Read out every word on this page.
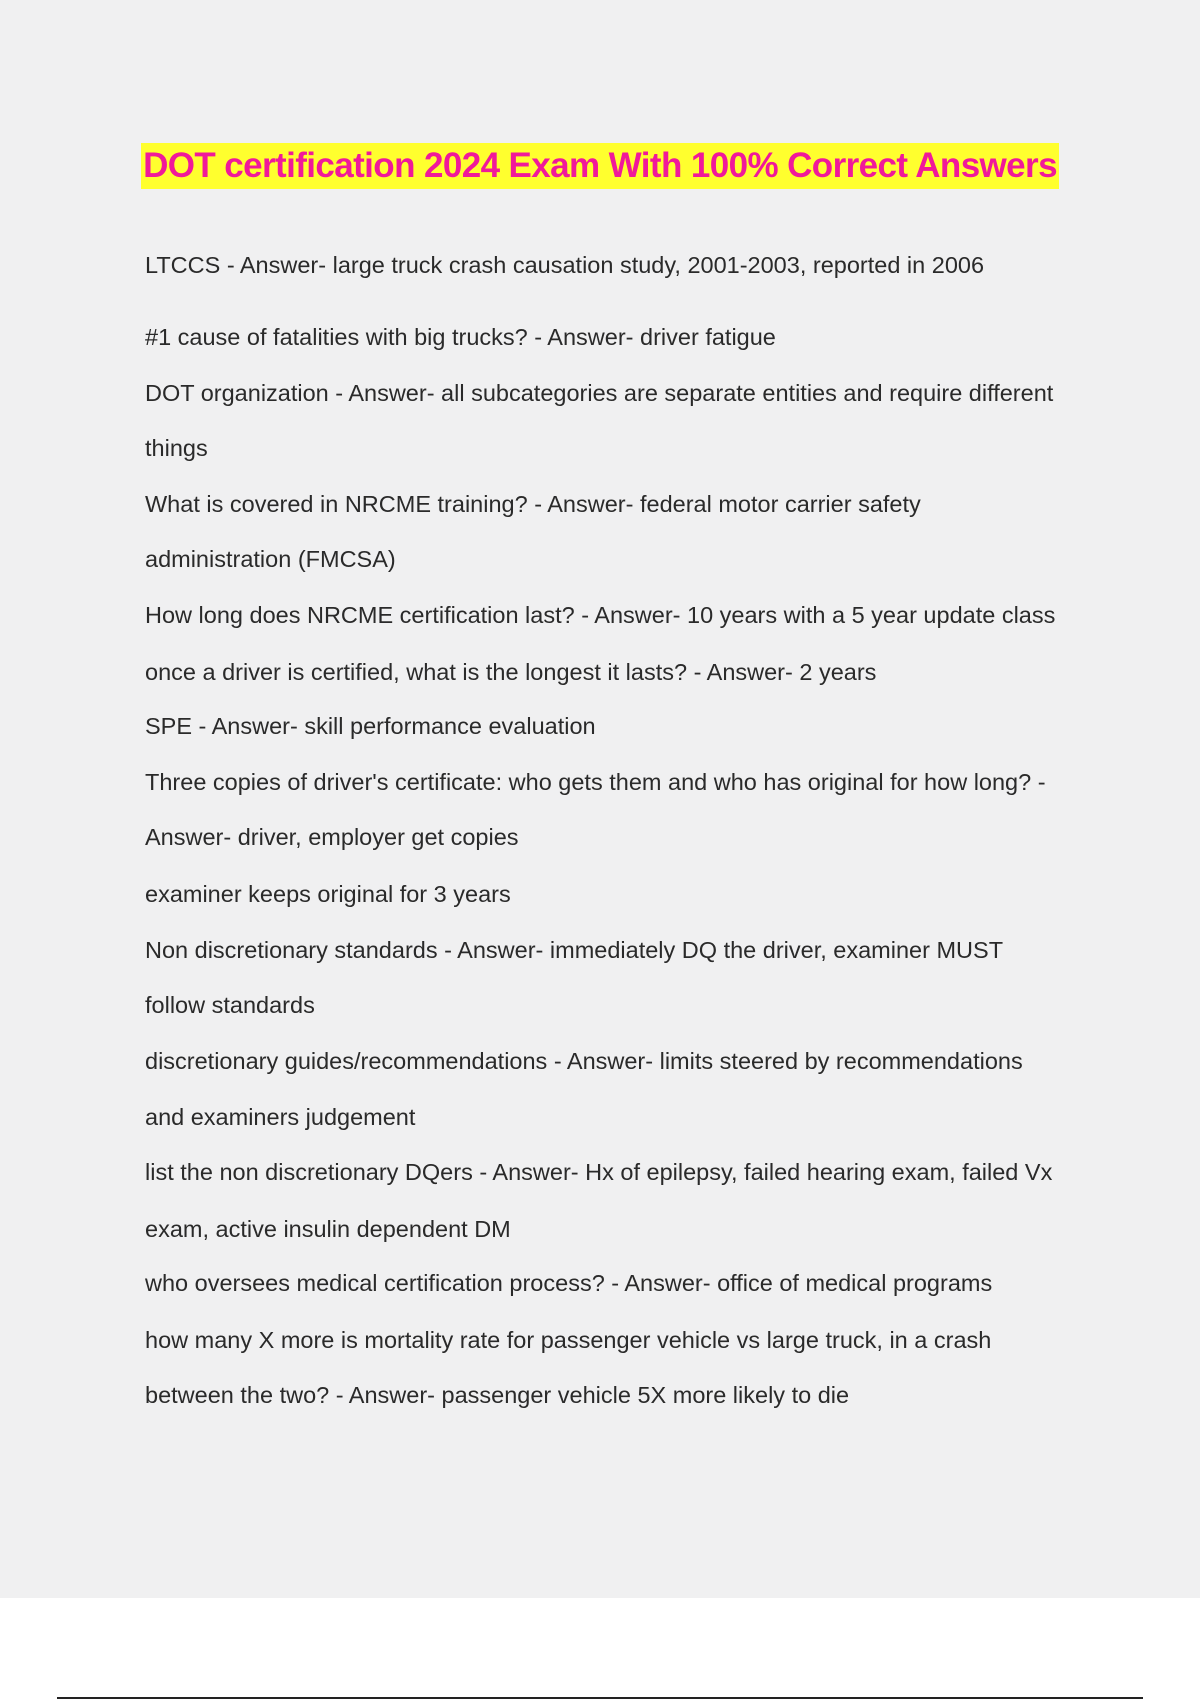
DOT certification 2024 Exam With 100% Correct Answers
LTCCS - Answer- large truck crash causation study, 2001-2003, reported in 2006
#1 cause of fatalities with big trucks? - Answer- driver fatigue
DOT organization - Answer- all subcategories are separate entities and require different
things
What is covered in NRCME training? - Answer- federal motor carrier safety
administration (FMCSA)
How long does NRCME certification last? - Answer- 10 years with a 5 year update class
once a driver is certified, what is the longest it lasts? - Answer- 2 years
SPE - Answer- skill performance evaluation
Three copies of driver's certificate: who gets them and who has original for how long? -
Answer- driver, employer get copies
examiner keeps original for 3 years
Non discretionary standards - Answer- immediately DQ the driver, examiner MUST
follow standards
discretionary guides/recommendations - Answer- limits steered by recommendations
and examiners judgement
list the non discretionary DQers - Answer- Hx of epilepsy, failed hearing exam, failed Vx
exam, active insulin dependent DM
who oversees medical certification process? - Answer- office of medical programs
how many X more is mortality rate for passenger vehicle vs large truck, in a crash
between the two? - Answer- passenger vehicle 5X more likely to die
